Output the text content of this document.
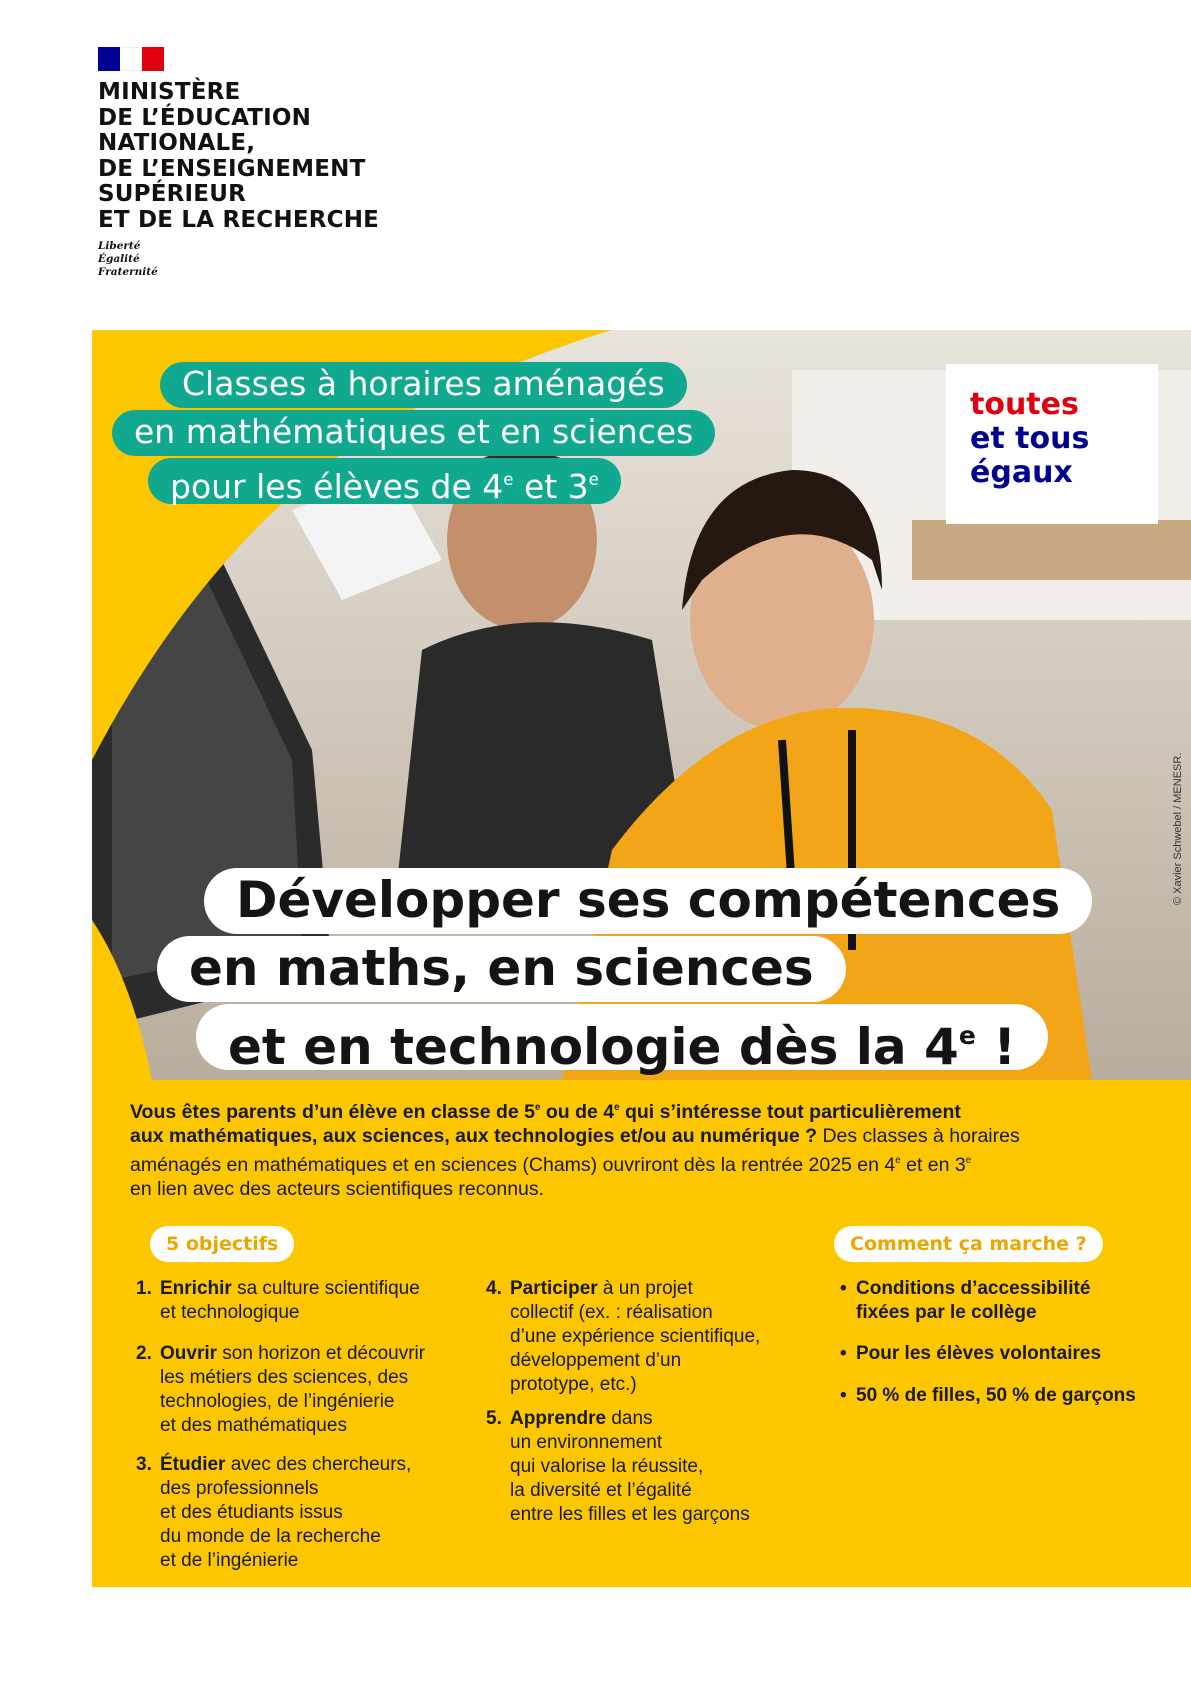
MINISTÈRE
DE L’ÉDUCATION
NATIONALE,
DE L’ENSEIGNEMENT
SUPÉRIEUR
ET DE LA RECHERCHE
Liberté
Égalité
Fraternité
Classes à horaires aménagés
en mathématiques et en sciences
pour les élèves de 4e et 3e
toutes
et tous
égaux
© Xavier Schwebel / MENESR.
Développer ses compétences
en maths, en sciences
et en technologie dès la 4e !
Vous êtes parents d’un élève en classe de 5e ou de 4e qui s’intéresse tout particulièrement
aux mathématiques, aux sciences, aux technologies et/ou au numérique ? Des classes à horaires
aménagés en mathématiques et en sciences (Chams) ouvriront dès la rentrée 2025 en 4e et en 3e
en lien avec des acteurs scientifiques reconnus.
5 objectifs
1. Enrichir sa culture scientifique
et technologique
2. Ouvrir son horizon et découvrir
les métiers des sciences, des
technologies, de l’ingénierie
et des mathématiques
3. Étudier avec des chercheurs,
des professionnels
et des étudiants issus
du monde de la recherche
et de l’ingénierie
4. Participer à un projet
collectif (ex. : réalisation
d’une expérience scientifique,
développement d’un
prototype, etc.)
5. Apprendre dans
un environnement
qui valorise la réussite,
la diversité et l’égalité
entre les filles et les garçons
Comment ça marche ?
• Conditions d’accessibilité
fixées par le collège
• Pour les élèves volontaires
• 50 % de filles, 50 % de garçons
